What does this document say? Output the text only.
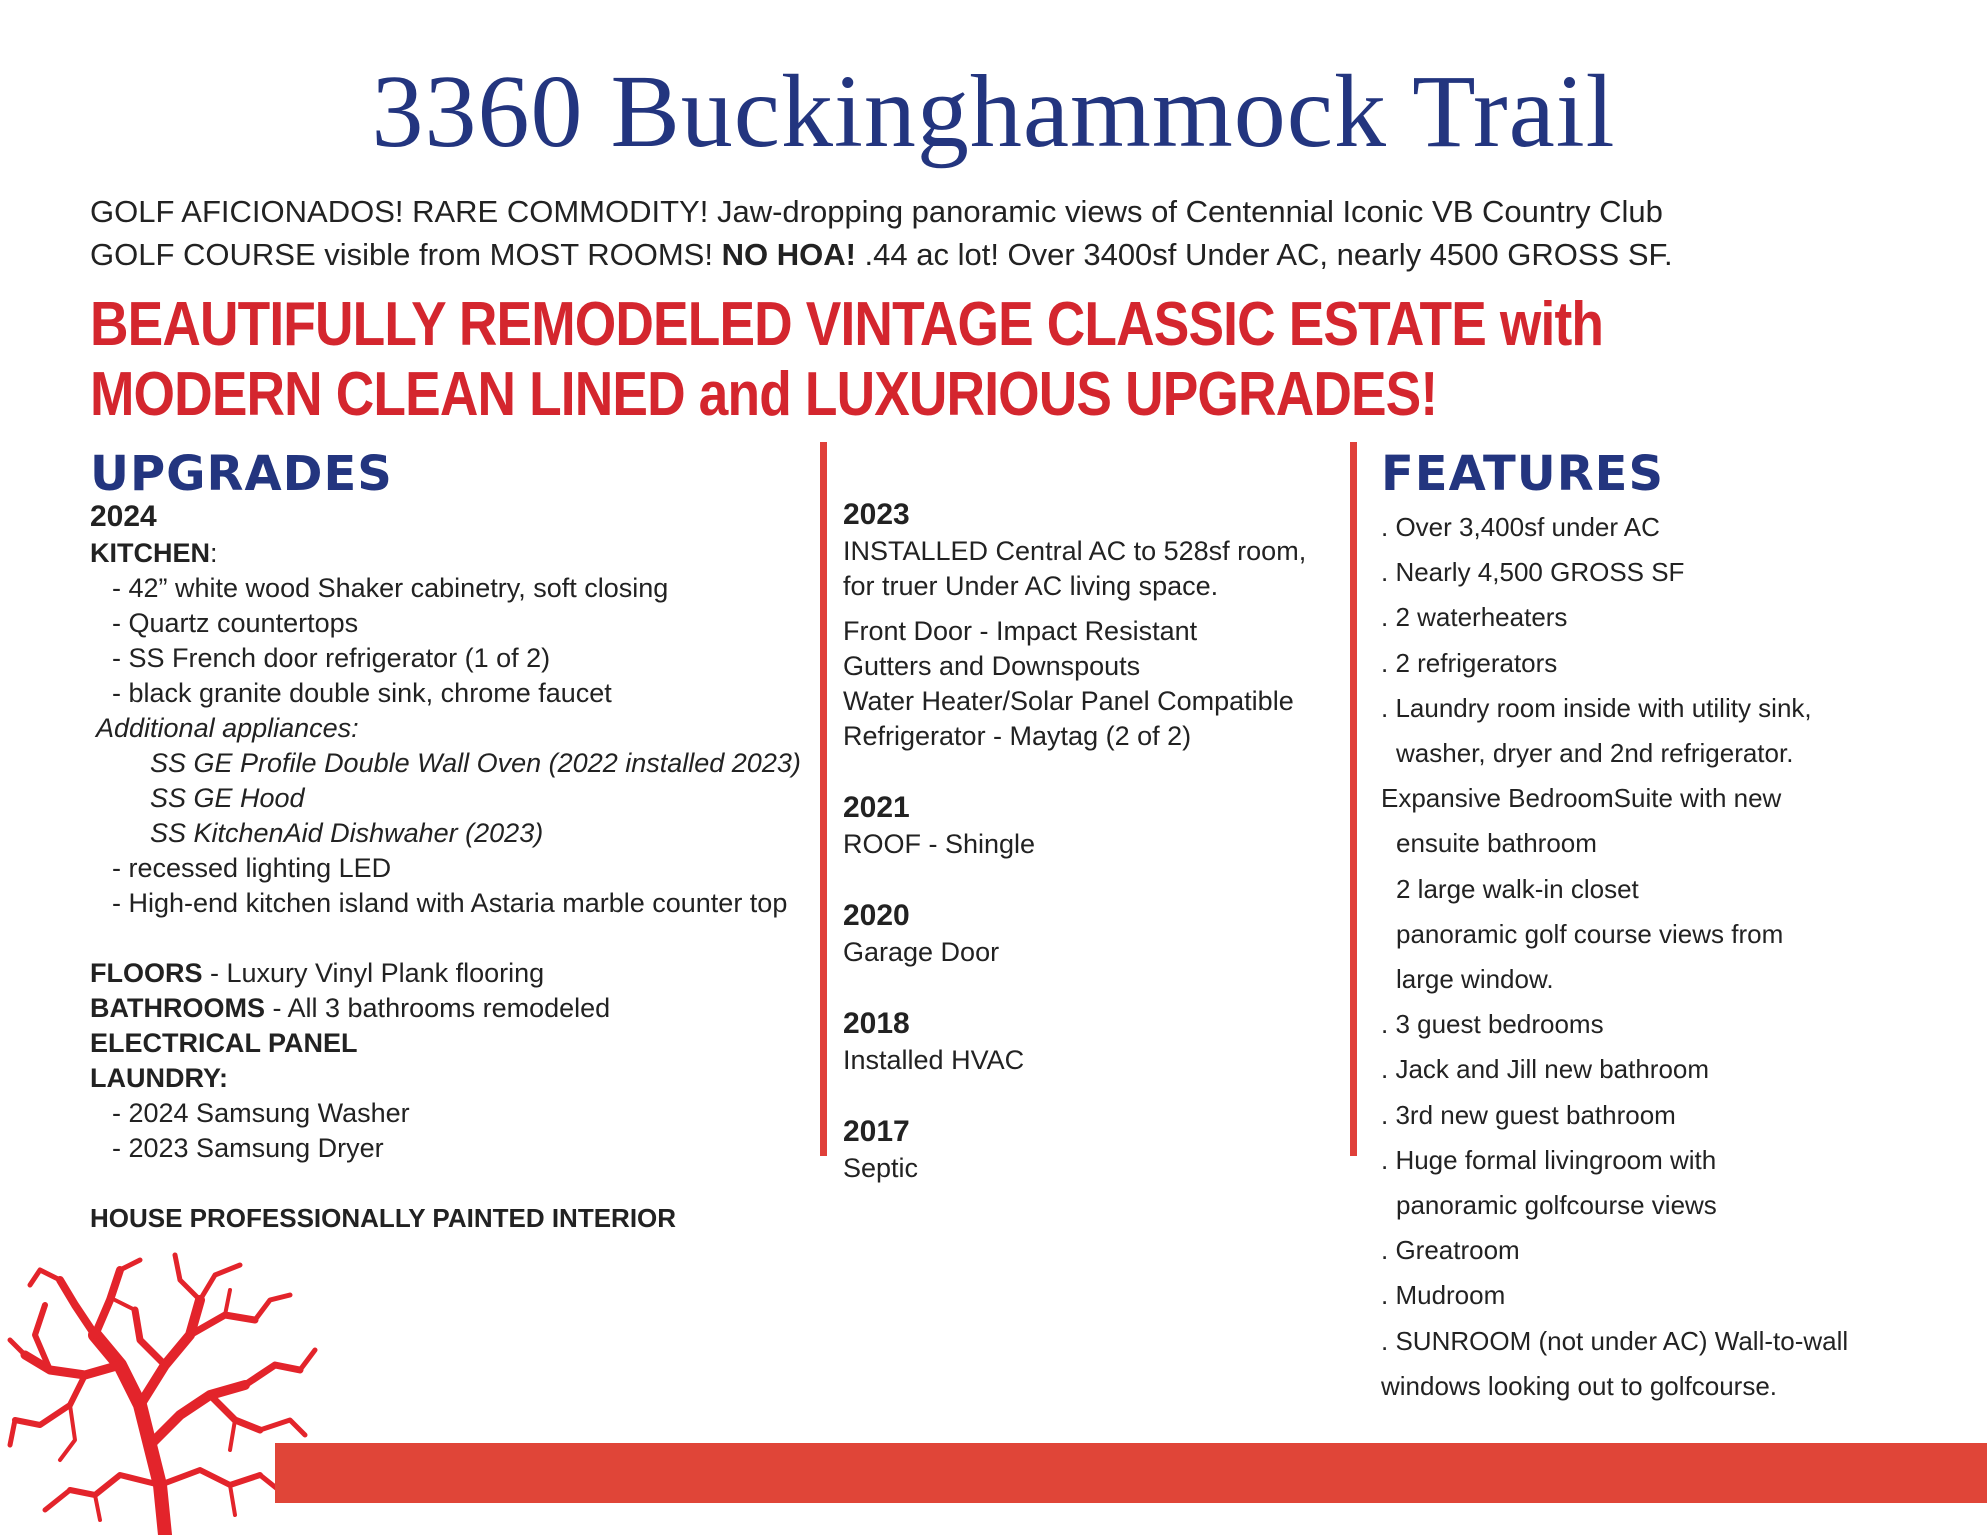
3360 Buckinghammock Trail
GOLF AFICIONADOS! RARE COMMODITY! Jaw-dropping panoramic views of Centennial Iconic VB Country Club
GOLF COURSE visible from MOST ROOMS! NO HOA! .44 ac lot! Over 3400sf Under AC, nearly 4500 GROSS SF.
BEAUTIFULLY REMODELED VINTAGE CLASSIC ESTATE with
MODERN CLEAN LINED and LUXURIOUS UPGRADES!
UPGRADES
2024
KITCHEN:
- 42” white wood Shaker cabinetry, soft closing
- Quartz countertops
- SS French door refrigerator (1 of 2)
- black granite double sink, chrome faucet
Additional appliances:
SS GE Profile Double Wall Oven (2022 installed 2023)
SS GE Hood
SS KitchenAid Dishwaher (2023)
- recessed lighting LED
- High-end kitchen island with Astaria marble counter top
FLOORS - Luxury Vinyl Plank flooring
BATHROOMS - All 3 bathrooms remodeled
ELECTRICAL PANEL
LAUNDRY:
- 2024 Samsung Washer
- 2023 Samsung Dryer
HOUSE PROFESSIONALLY PAINTED INTERIOR
2023
INSTALLED Central AC to 528sf room,
for truer Under AC living space.
Front Door - Impact Resistant
Gutters and Downspouts
Water Heater/Solar Panel Compatible
Refrigerator - Maytag (2 of 2)
2021
ROOF - Shingle
2020
Garage Door
2018
Installed HVAC
2017
Septic
FEATURES
. Over 3,400sf under AC
. Nearly 4,500 GROSS SF
. 2 waterheaters
. 2 refrigerators
. Laundry room inside with utility sink,
washer, dryer and 2nd refrigerator.
Expansive BedroomSuite with new
ensuite bathroom
2 large walk-in closet
panoramic golf course views from
large window.
. 3 guest bedrooms
. Jack and Jill new bathroom
. 3rd new guest bathroom
. Huge formal livingroom with
panoramic golfcourse views
. Greatroom
. Mudroom
. SUNROOM (not under AC) Wall-to-wall
windows looking out to golfcourse.
